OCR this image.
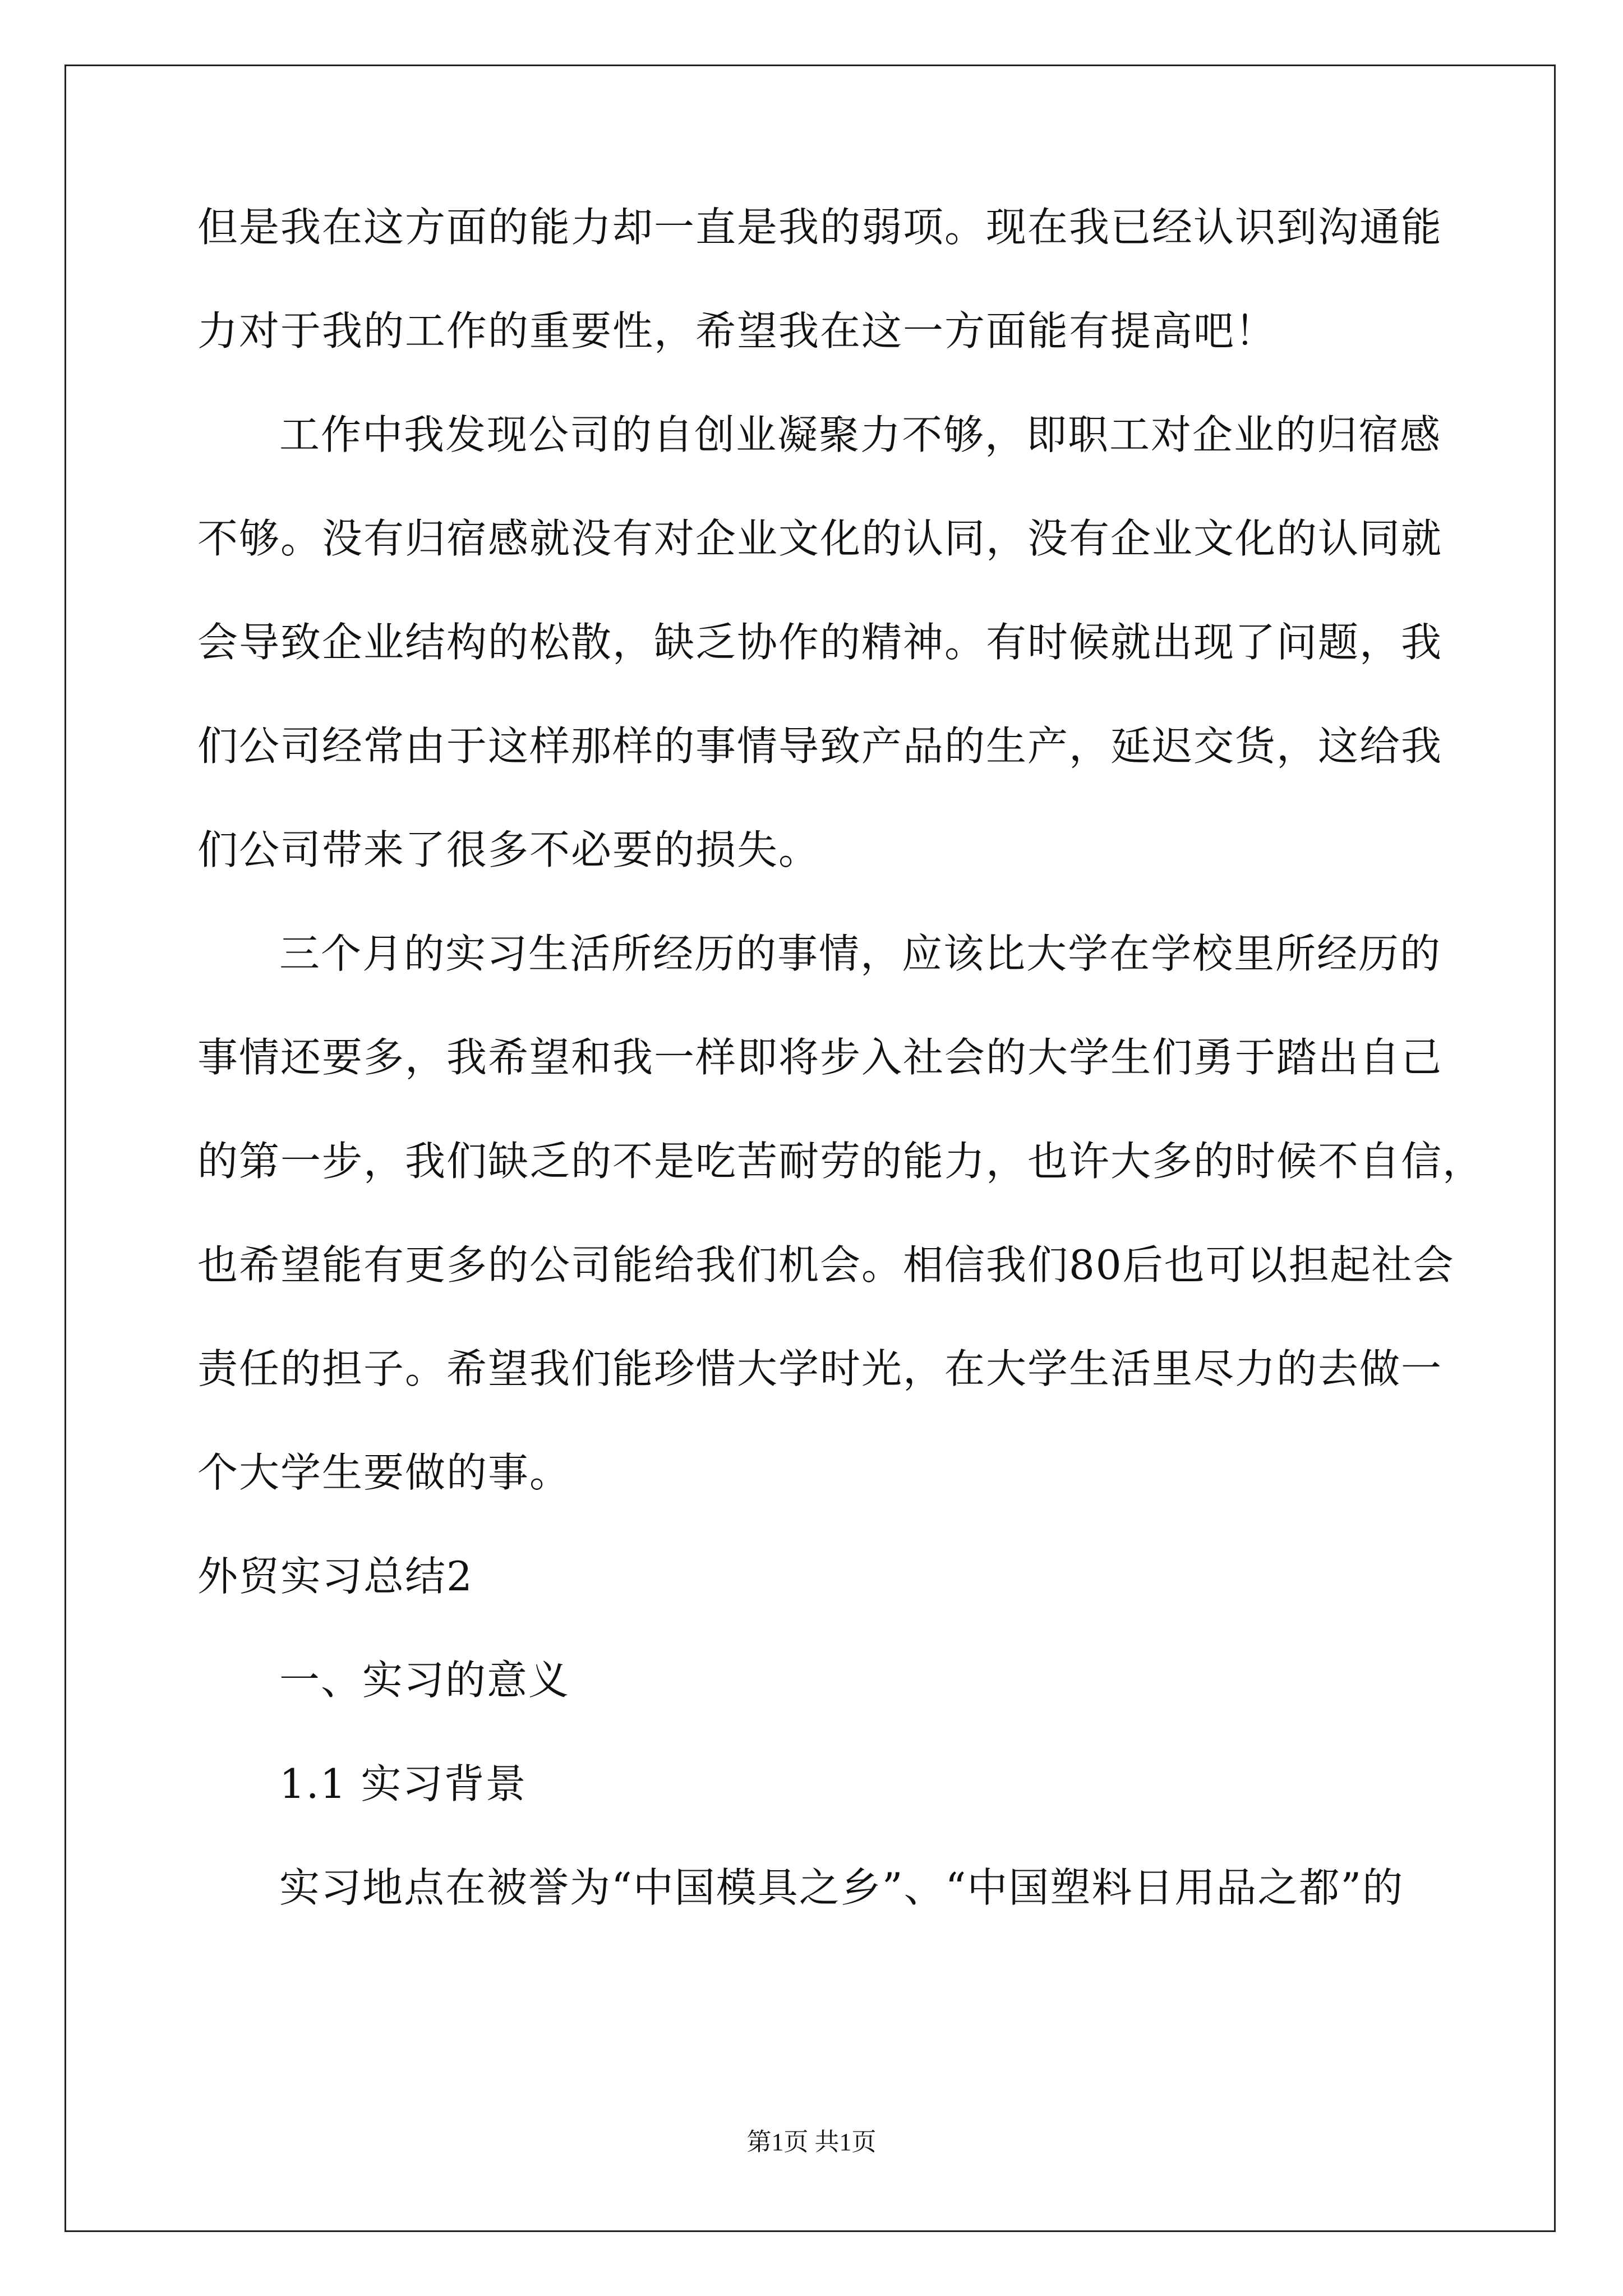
但是我在这方面的能力却一直是我的弱项。现在我已经认识到沟通能
力对于我的工作的重要性，希望我在这一方面能有提高吧！
工作中我发现公司的自创业凝聚力不够，即职工对企业的归宿感
不够。没有归宿感就没有对企业文化的认同，没有企业文化的认同就
会导致企业结构的松散，缺乏协作的精神。有时候就出现了问题，我
们公司经常由于这样那样的事情导致产品的生产，延迟交货，这给我
们公司带来了很多不必要的损失。
三个月的实习生活所经历的事情，应该比大学在学校里所经历的
事情还要多，我希望和我一样即将步入社会的大学生们勇于踏出自己
的第一步，我们缺乏的不是吃苦耐劳的能力，也许大多的时候不自信，
也希望能有更多的公司能给我们机会。相信我们80后也可以担起社会
责任的担子。希望我们能珍惜大学时光，在大学生活里尽力的去做一
个大学生要做的事。
外贸实习总结2
一、实习的意义
1.1 实习背景
实习地点在被誉为“中国模具之乡”、“中国塑料日用品之都”的
第1页 共1页
